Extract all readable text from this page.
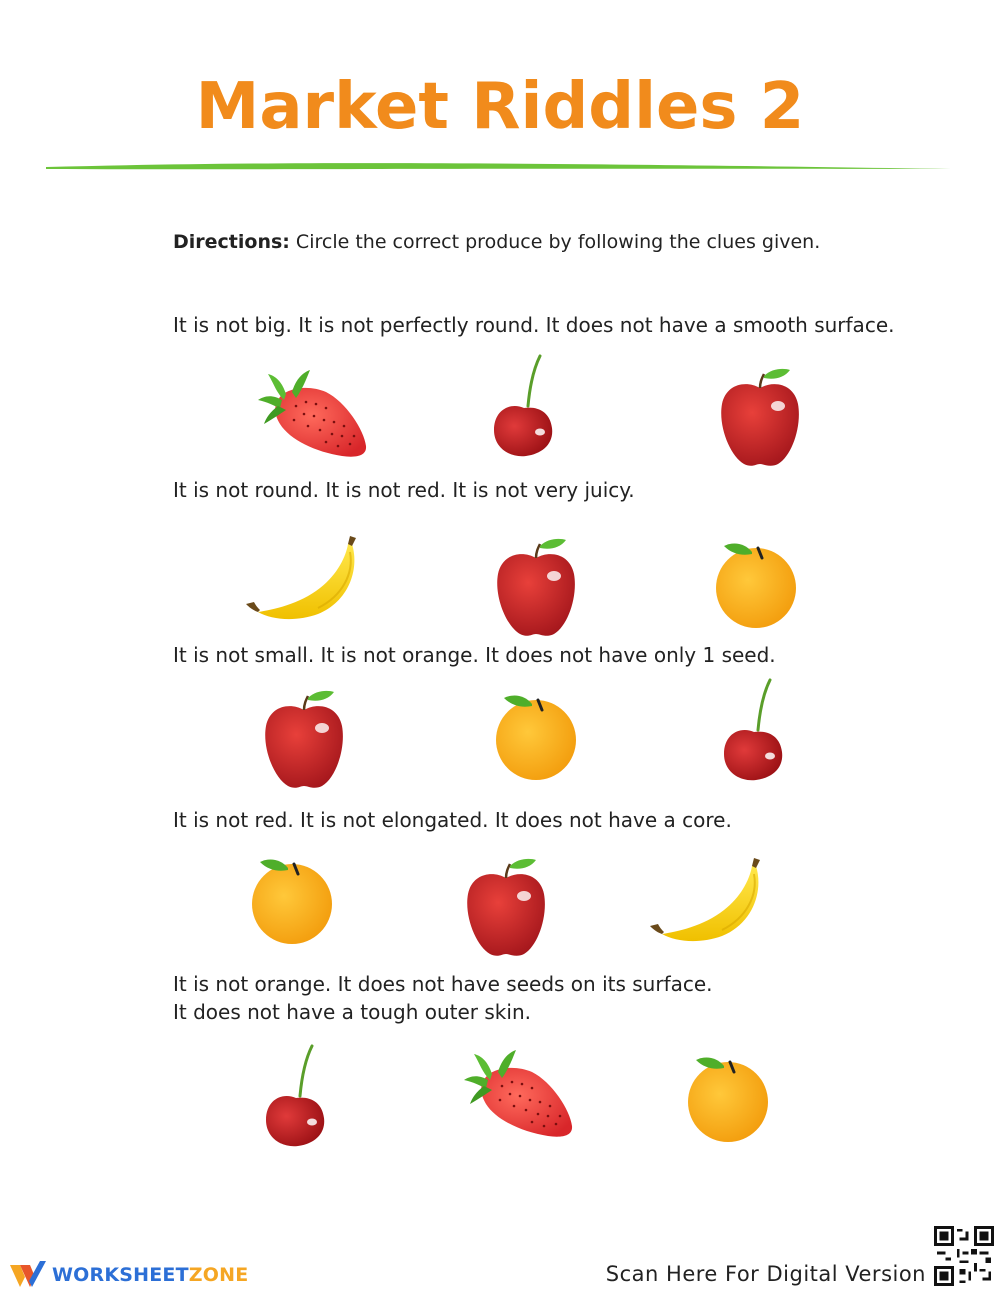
Market Riddles 2
Directions: Circle the correct produce by following the clues given.
It is not big. It is not perfectly round. It does not have a smooth surface.
It is not round. It is not red. It is not very juicy.
It is not small. It is not orange. It does not have only 1 seed.
It is not red. It is not elongated. It does not have a core.
It is not orange. It does not have seeds on its surface.
It does not have a tough outer skin.
WORKSHEETZONE	Scan Here For Digital Version
